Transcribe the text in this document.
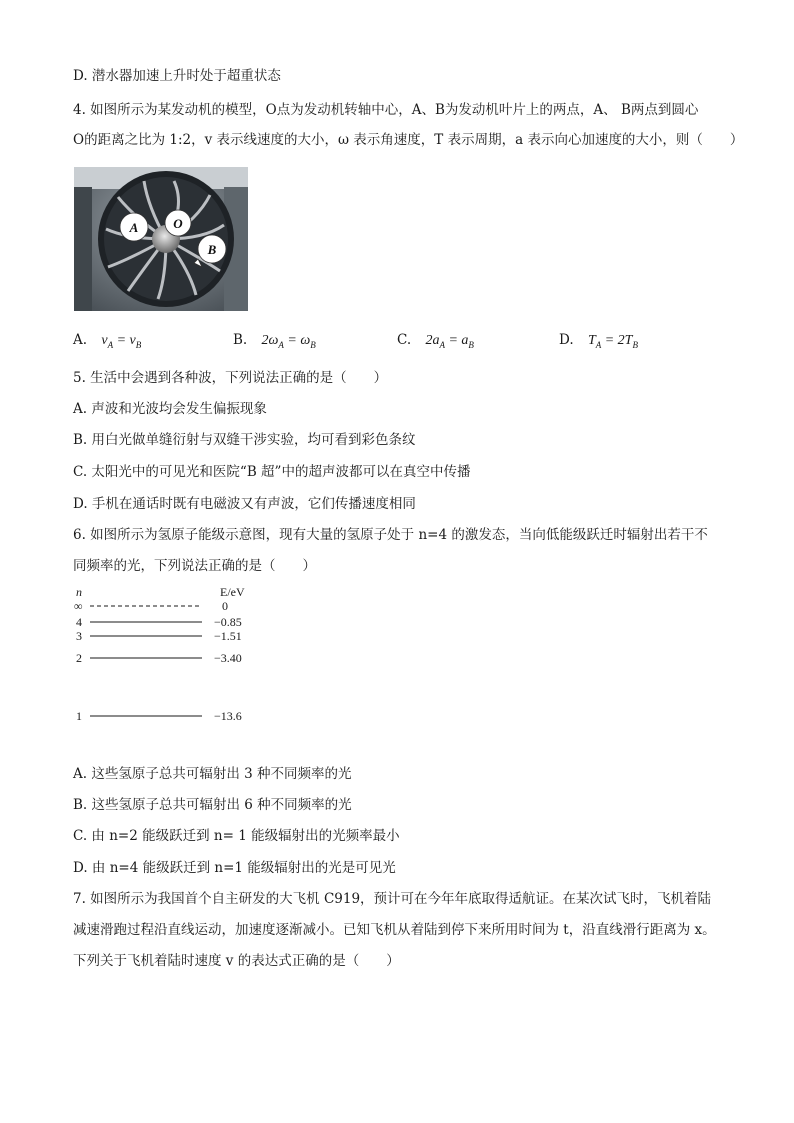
D. 潜水器加速上升时处于超重状态
4. 如图所示为某发动机的模型，O点为发动机转轴中心，A、B为发动机叶片上的两点，A、 B两点到圆心
O的距离之比为 1:2，v 表示线速度的大小，ω 表示角速度，T 表示周期，a 表示向心加速度的大小，则（　　）
A	O
B
A. $v_A = v_B$	B. $2\omega_A = \omega_B$	C. $2a_A = a_B$	D. $T_A = 2T_B$
5. 生活中会遇到各种波，下列说法正确的是（　　）
A. 声波和光波均会发生偏振现象
B. 用白光做单缝衍射与双缝干涉实验，均可看到彩色条纹
C. 太阳光中的可见光和医院“B 超”中的超声波都可以在真空中传播
D. 手机在通话时既有电磁波又有声波，它们传播速度相同
6. 如图所示为氢原子能级示意图，现有大量的氢原子处于 n=4 的激发态，当向低能级跃迁时辐射出若干不
同频率的光，下列说法正确的是（　　）
n	E/eV
∞	0
4	−0.85
3	−1.51
2	−3.40
1	−13.6
A. 这些氢原子总共可辐射出 3 种不同频率的光
B. 这些氢原子总共可辐射出 6 种不同频率的光
C. 由 n=2 能级跃迁到 n= 1 能级辐射出的光频率最小
D. 由 n=4 能级跃迁到 n=1 能级辐射出的光是可见光
7. 如图所示为我国首个自主研发的大飞机 C919，预计可在今年年底取得适航证。在某次试飞时，飞机着陆
减速滑跑过程沿直线运动，加速度逐渐减小。已知飞机从着陆到停下来所用时间为 t，沿直线滑行距离为 x。
下列关于飞机着陆时速度 v 的表达式正确的是（　　）
